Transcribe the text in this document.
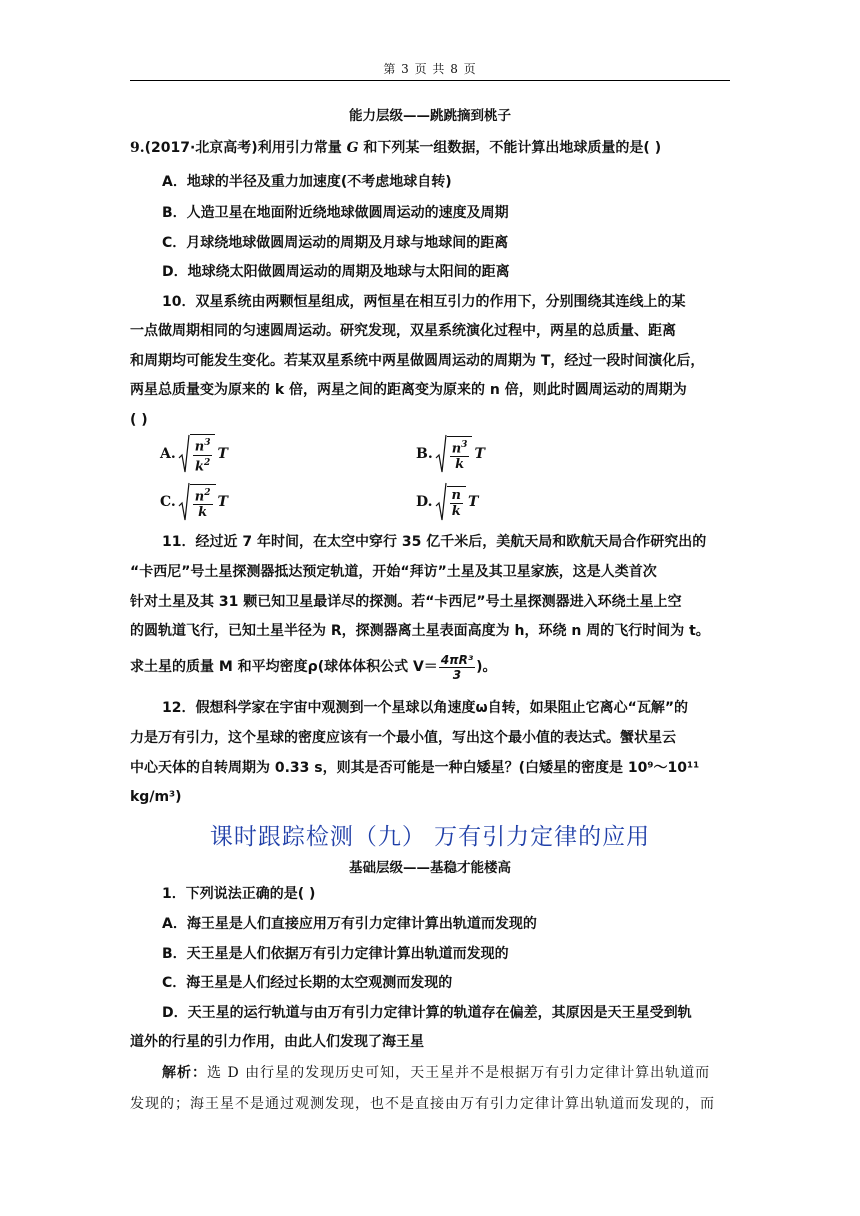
第 3 页 共 8 页
能力层级——跳跳摘到桃子
9.(2017·北京高考)利用引力常量 G 和下列某一组数据，不能计算出地球质量的是( )
A．地球的半径及重力加速度(不考虑地球自转)
B．人造卫星在地面附近绕地球做圆周运动的速度及周期
C．月球绕地球做圆周运动的周期及月球与地球间的距离
D．地球绕太阳做圆周运动的周期及地球与太阳间的距离
10．双星系统由两颗恒星组成，两恒星在相互引力的作用下，分别围绕其连线上的某
一点做周期相同的匀速圆周运动。研究发现，双星系统演化过程中，两星的总质量、距离
和周期均可能发生变化。若某双星系统中两星做圆周运动的周期为 T，经过一段时间演化后，
两星总质量变为原来的 k 倍，两星之间的距离变为原来的 n 倍，则此时圆周运动的周期为
( )
A. $\frac{n^3}{k^2}$ T	B. $\frac{n^3}{k}$ T
C. $\frac{n^2}{k}$ T	D. $\frac{n}{k}$ T
11．经过近 7 年时间，在太空中穿行 35 亿千米后，美航天局和欧航天局合作研究出的
“卡西尼”号土星探测器抵达预定轨道，开始“拜访”土星及其卫星家族，这是人类首次
针对土星及其 31 颗已知卫星最详尽的探测。若“卡西尼”号土星探测器进入环绕土星上空
的圆轨道飞行，已知土星半径为 R，探测器离土星表面高度为 h，环绕 n 周的飞行时间为 t。
求土星的质量 M 和平均密度ρ(球体体积公式 $V= \frac{\text{4πR³}}{3}$ )。
12．假想科学家在宇宙中观测到一个星球以角速度ω自转，如果阻止它离心“瓦解”的
力是万有引力，这个星球的密度应该有一个最小值，写出这个最小值的表达式。蟹状星云
中心天体的自转周期为 0.33 s，则其是否可能是一种白矮星？(白矮星的密度是 10⁹～10¹¹
kg/m³)
课时跟踪检测（九） 万有引力定律的应用
基础层级——基稳才能楼高
1．下列说法正确的是( )
A．海王星是人们直接应用万有引力定律计算出轨道而发现的
B．天王星是人们依据万有引力定律计算出轨道而发现的
C．海王星是人们经过长期的太空观测而发现的
D．天王星的运行轨道与由万有引力定律计算的轨道存在偏差，其原因是天王星受到轨
道外的行星的引力作用，由此人们发现了海王星
解析：选 D 由行星的发现历史可知，天王星并不是根据万有引力定律计算出轨道而
发现的；海王星不是通过观测发现，也不是直接由万有引力定律计算出轨道而发现的，而
